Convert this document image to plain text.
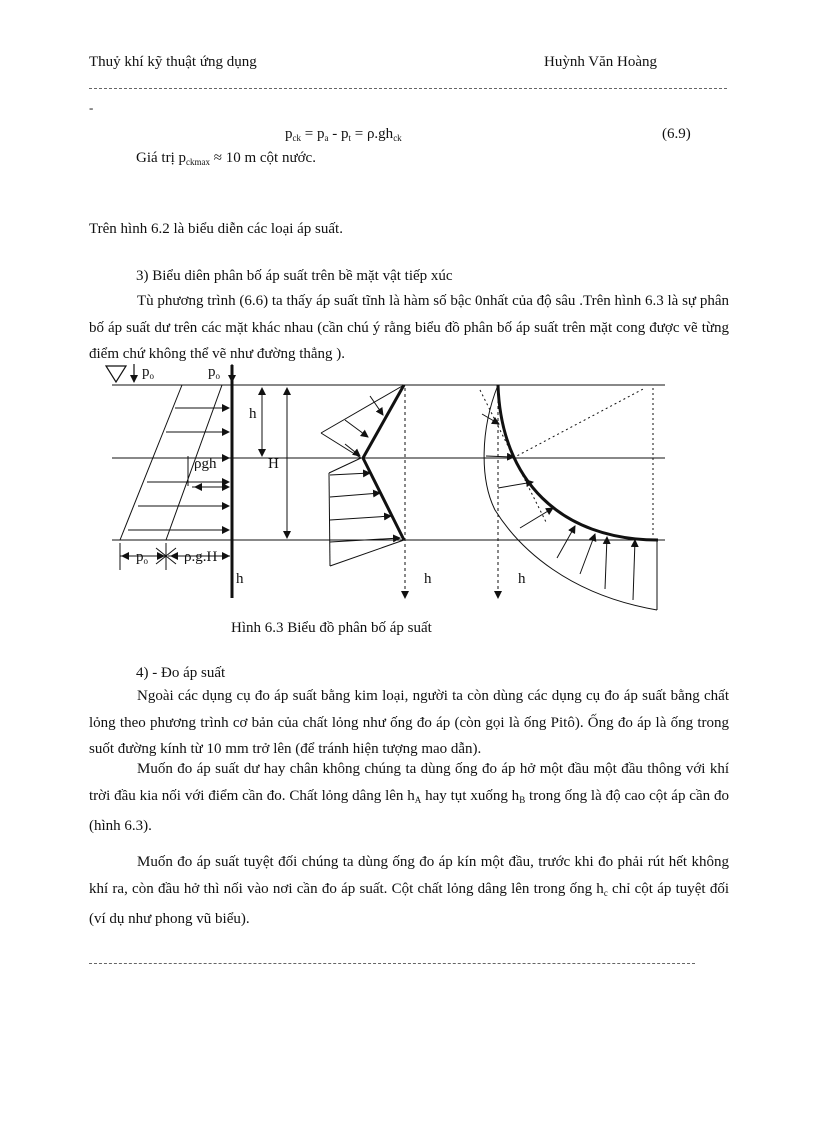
Thuỷ khí kỹ thuật ứng dụng	Huỳnh Văn Hoàng
-
$p_{ck} = p_a - p_t = \rho.gh_{ck}$	(6.9)
Giá trị $p_{ckmax} \approx 10$ m cột nước.
Trên hình 6.2 là biểu diễn các loại áp suất.
3) Biểu diên phân bố áp suất trên bề mặt vật tiếp xúc
Tù phương trình (6.6) ta thấy áp suất tĩnh là hàm số bậc 0nhất của độ sâu .Trên hình 6.3 là sự phân bố áp suất dư trên các mặt khác nhau (cần chú ý rằng biểu đồ phân bố áp suất trên mặt cong được vẽ từng điểm chứ không thể vẽ như đường thẳng ).
$p_o$	$p_o$
h
H
ρgh
$p_o$ ρ.g.H
h	h	h
Hình 6.3 Biểu đồ phân bố áp suất
4) - Đo áp suất
Ngoài các dụng cụ đo áp suất bằng kim loại, người ta còn dùng các dụng cụ đo áp suất bằng chất lỏng theo phương trình cơ bản của chất lỏng như ống đo áp (còn gọi là ống Pitô). Ống đo áp là ống trong suốt đường kính từ 10 mm trở lên (để tránh hiện tượng mao dẫn).
Muốn đo áp suất dư hay chân không chúng ta dùng ống đo áp hở một đầu một đầu thông với khí trời đầu kia nối với điểm cần đo. Chất lỏng dâng lên $h_A$ hay tụt xuống $h_B$ trong ống là độ cao cột áp cần đo (hình 6.3).
Muốn đo áp suất tuyệt đối chúng ta dùng ống đo áp kín một đầu, trước khi đo phải rút hết không khí ra, còn đầu hở thì nối vào nơi cần đo áp suất. Cột chất lỏng dâng lên trong ống $h_c$ chỉ cột áp tuyệt đối (ví dụ như phong vũ biểu).
